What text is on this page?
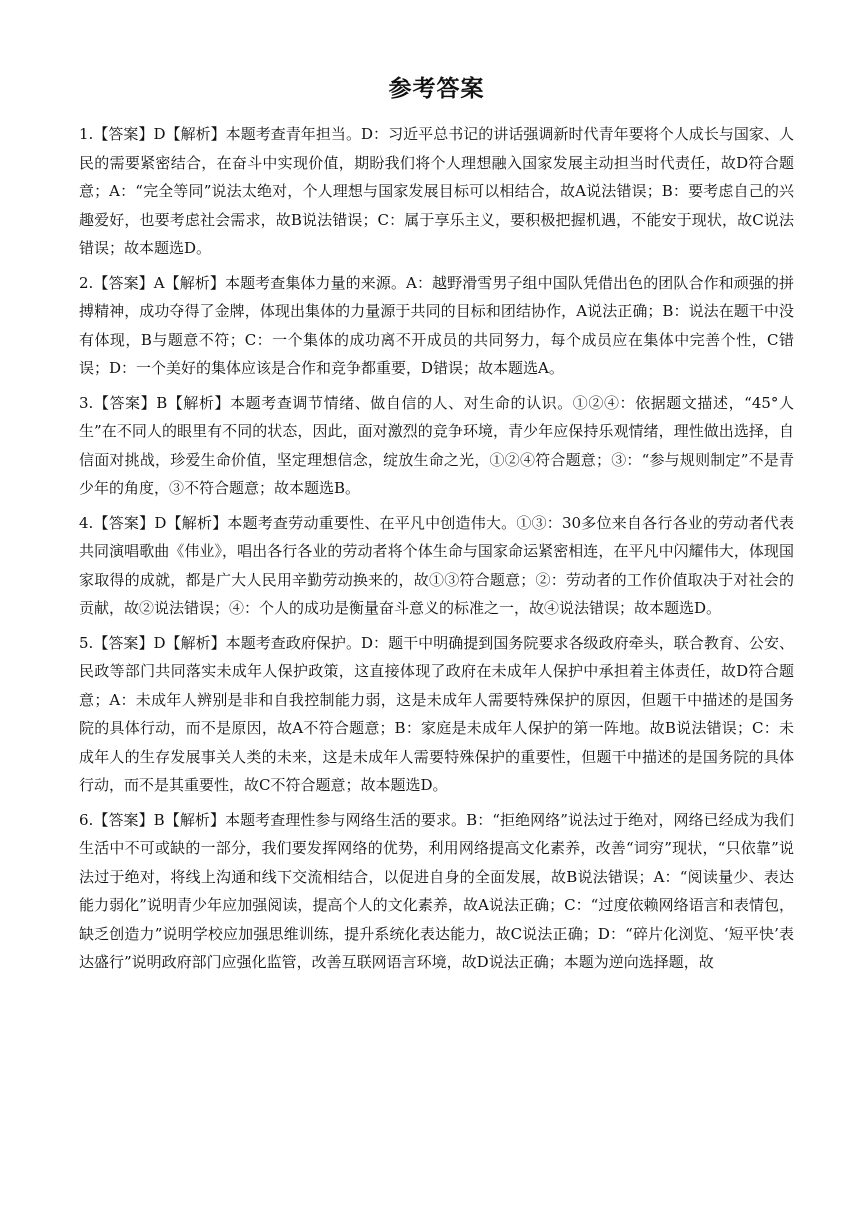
参考答案

1.【答案】D【解析】本题考查青年担当。D：习近平总书记的讲话强调新时代青年要将个人成长与国家、人民的需要紧密结合，在奋斗中实现价值，期盼我们将个人理想融入国家发展主动担当时代责任，故D符合题意；A：“完全等同”说法太绝对，个人理想与国家发展目标可以相结合，故A说法错误；B：要考虑自己的兴趣爱好，也要考虑社会需求，故B说法错误；C：属于享乐主义，要积极把握机遇，不能安于现状，故C说法错误；故本题选D。

2.【答案】A【解析】本题考查集体力量的来源。A：越野滑雪男子组中国队凭借出色的团队合作和顽强的拼搏精神，成功夺得了金牌，体现出集体的力量源于共同的目标和团结协作，A说法正确；B：说法在题干中没有体现，B与题意不符；C：一个集体的成功离不开成员的共同努力，每个成员应在集体中完善个性，C错误；D：一个美好的集体应该是合作和竞争都重要，D错误；故本题选A。

3.【答案】B【解析】本题考查调节情绪、做自信的人、对生命的认识。①②④：依据题文描述，“45°人生”在不同人的眼里有不同的状态，因此，面对激烈的竞争环境，青少年应保持乐观情绪，理性做出选择，自信面对挑战，珍爱生命价值，坚定理想信念，绽放生命之光，①②④符合题意；③：“参与规则制定”不是青少年的角度，③不符合题意；故本题选B。

4.【答案】D【解析】本题考查劳动重要性、在平凡中创造伟大。①③：30多位来自各行各业的劳动者代表共同演唱歌曲《伟业》，唱出各行各业的劳动者将个体生命与国家命运紧密相连，在平凡中闪耀伟大，体现国家取得的成就，都是广大人民用辛勤劳动换来的，故①③符合题意；②：劳动者的工作价值取决于对社会的贡献，故②说法错误；④：个人的成功是衡量奋斗意义的标准之一，故④说法错误；故本题选D。

5.【答案】D【解析】本题考查政府保护。D：题干中明确提到国务院要求各级政府牵头，联合教育、公安、民政等部门共同落实未成年人保护政策，这直接体现了政府在未成年人保护中承担着主体责任，故D符合题意；A：未成年人辨别是非和自我控制能力弱，这是未成年人需要特殊保护的原因，但题干中描述的是国务院的具体行动，而不是原因，故A不符合题意；B：家庭是未成年人保护的第一阵地。故B说法错误；C：未成年人的生存发展事关人类的未来，这是未成年人需要特殊保护的重要性，但题干中描述的是国务院的具体行动，而不是其重要性，故C不符合题意；故本题选D。

6.【答案】B【解析】本题考查理性参与网络生活的要求。B：“拒绝网络”说法过于绝对，网络已经成为我们生活中不可或缺的一部分，我们要发挥网络的优势，利用网络提高文化素养，改善“词穷”现状，“只依靠”说法过于绝对，将线上沟通和线下交流相结合，以促进自身的全面发展，故B说法错误；A：“阅读量少、表达能力弱化”说明青少年应加强阅读，提高个人的文化素养，故A说法正确；C：“过度依赖网络语言和表情包，缺乏创造力”说明学校应加强思维训练，提升系统化表达能力，故C说法正确；D：“碎片化浏览、‘短平快’表达盛行”说明政府部门应强化监管，改善互联网语言环境，故D说法正确；本题为逆向选择题，故
